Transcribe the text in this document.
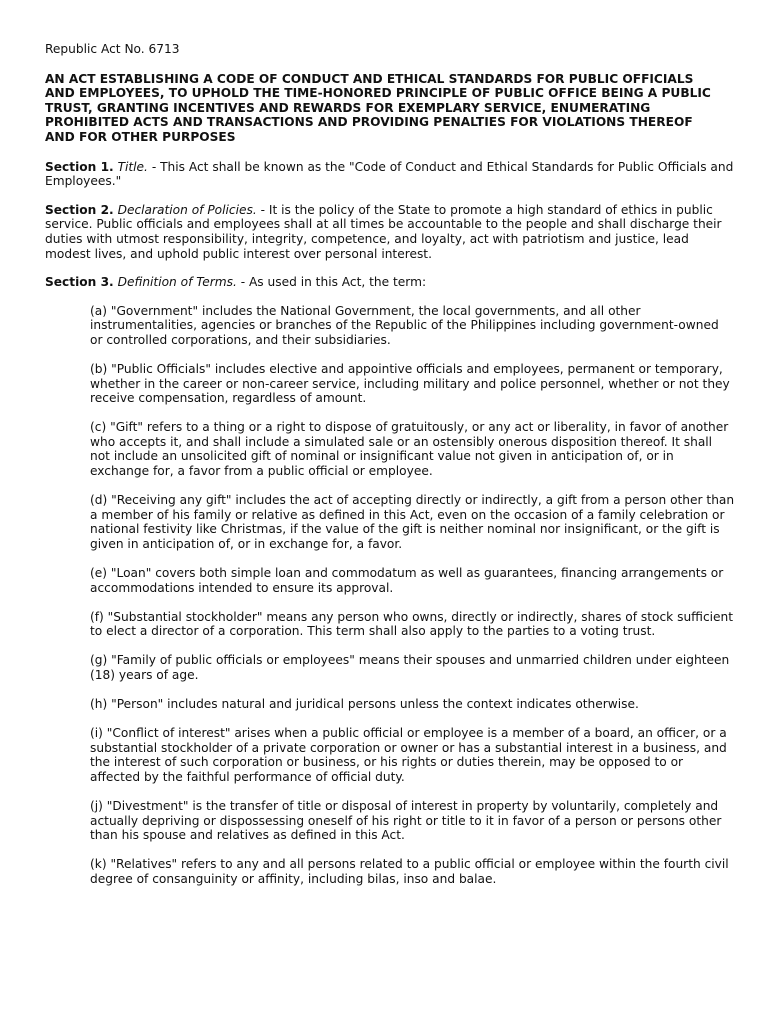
Republic Act No. 6713
AN ACT ESTABLISHING A CODE OF CONDUCT AND ETHICAL STANDARDS FOR PUBLIC OFFICIALS AND EMPLOYEES, TO UPHOLD THE TIME-HONORED PRINCIPLE OF PUBLIC OFFICE BEING A PUBLIC TRUST, GRANTING INCENTIVES AND REWARDS FOR EXEMPLARY SERVICE, ENUMERATING PROHIBITED ACTS AND TRANSACTIONS AND PROVIDING PENALTIES FOR VIOLATIONS THEREOF AND FOR OTHER PURPOSES
Section 1. Title. - This Act shall be known as the "Code of Conduct and Ethical Standards for Public Officials and Employees."
Section 2. Declaration of Policies. - It is the policy of the State to promote a high standard of ethics in public service. Public officials and employees shall at all times be accountable to the people and shall discharge their duties with utmost responsibility, integrity, competence, and loyalty, act with patriotism and justice, lead modest lives, and uphold public interest over personal interest.
Section 3. Definition of Terms. - As used in this Act, the term:
(a) "Government" includes the National Government, the local governments, and all other instrumentalities, agencies or branches of the Republic of the Philippines including government-owned or controlled corporations, and their subsidiaries.
(b) "Public Officials" includes elective and appointive officials and employees, permanent or temporary, whether in the career or non-career service, including military and police personnel, whether or not they receive compensation, regardless of amount.
(c) "Gift" refers to a thing or a right to dispose of gratuitously, or any act or liberality, in favor of another who accepts it, and shall include a simulated sale or an ostensibly onerous disposition thereof. It shall not include an unsolicited gift of nominal or insignificant value not given in anticipation of, or in exchange for, a favor from a public official or employee.
(d) "Receiving any gift" includes the act of accepting directly or indirectly, a gift from a person other than a member of his family or relative as defined in this Act, even on the occasion of a family celebration or national festivity like Christmas, if the value of the gift is neither nominal nor insignificant, or the gift is given in anticipation of, or in exchange for, a favor.
(e) "Loan" covers both simple loan and commodatum as well as guarantees, financing arrangements or accommodations intended to ensure its approval.
(f) "Substantial stockholder" means any person who owns, directly or indirectly, shares of stock sufficient to elect a director of a corporation. This term shall also apply to the parties to a voting trust.
(g) "Family of public officials or employees" means their spouses and unmarried children under eighteen (18) years of age.
(h) "Person" includes natural and juridical persons unless the context indicates otherwise.
(i) "Conflict of interest" arises when a public official or employee is a member of a board, an officer, or a substantial stockholder of a private corporation or owner or has a substantial interest in a business, and the interest of such corporation or business, or his rights or duties therein, may be opposed to or affected by the faithful performance of official duty.
(j) "Divestment" is the transfer of title or disposal of interest in property by voluntarily, completely and actually depriving or dispossessing oneself of his right or title to it in favor of a person or persons other than his spouse and relatives as defined in this Act.
(k) "Relatives" refers to any and all persons related to a public official or employee within the fourth civil degree of consanguinity or affinity, including bilas, inso and balae.
